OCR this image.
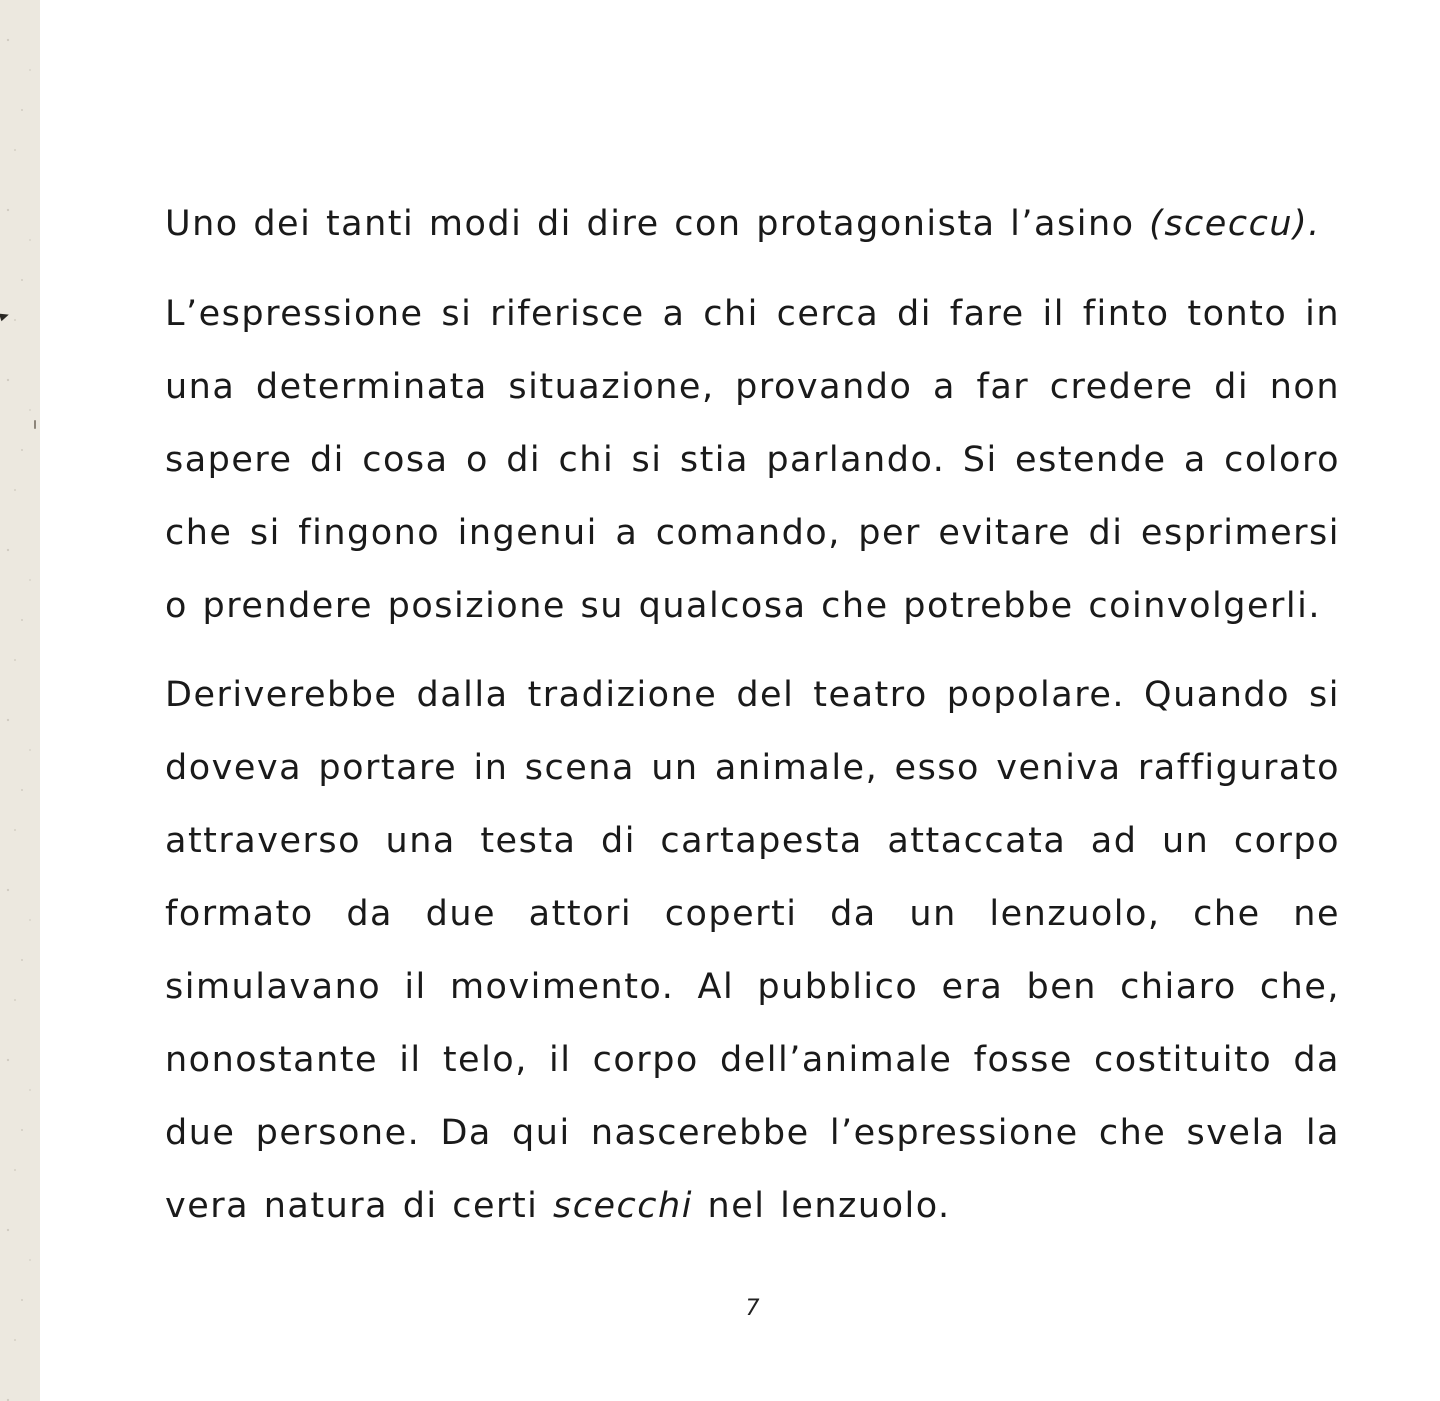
Uno dei tanti modi di dire con protagonista l’asino (sceccu).

L’espressione si riferisce a chi cerca di fare il finto tonto in una determinata situazione, provando a far credere di non sapere di cosa o di chi si stia parlando. Si estende a coloro che si fingono ingenui a comando, per evitare di esprimersi o prendere posizione su qualcosa che potrebbe coinvolgerli.

Deriverebbe dalla tradizione del teatro popolare. Quando si doveva portare in scena un animale, esso veniva raffigurato attraverso una testa di cartapesta attaccata ad un corpo formato da due attori coperti da un lenzuolo, che ne simulavano il movimento. Al pubblico era ben chiaro che, nonostante il telo, il corpo dell’animale fosse costituito da due persone. Da qui nascerebbe l’espressione che svela la vera natura di certi scecchi nel lenzuolo.

7
